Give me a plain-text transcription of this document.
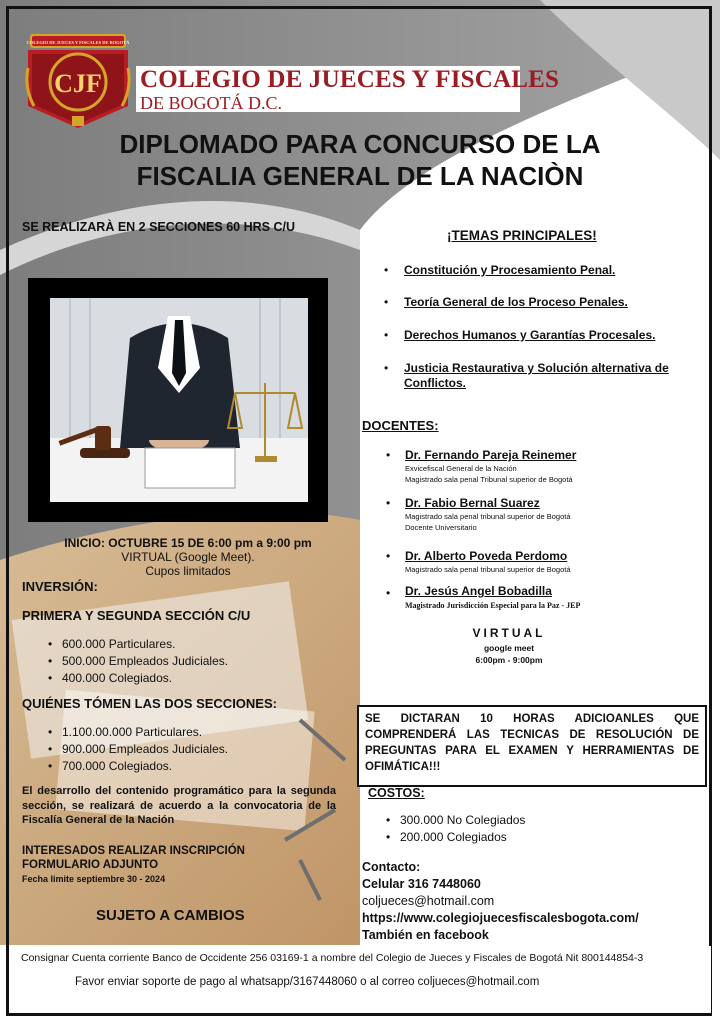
COLEGIO DE JUECES Y FISCALES DE BOGOTÁ
CJF COLEGIO DE JUECES Y FISCALES
DE BOGOTÁ D.C.
DIPLOMADO PARA CONCURSO DE LA
FISCALIA GENERAL DE LA NACIÒN
SE REALIZARÀ EN 2 SECCIONES 60 HRS C/U
INICIO: OCTUBRE 15 DE 6:00 pm a 9:00 pm
VIRTUAL (Google Meet).
Cupos limitados
INVERSIÓN:
PRIMERA Y SEGUNDA SECCIÓN C/U
• 600.000 Particulares.
• 500.000 Empleados Judiciales.
• 400.000 Colegiados.
QUIÉNES TÓMEN LAS DOS SECCIONES:
• 1.100.00.000 Particulares.
• 900.000 Empleados Judiciales.
• 700.000 Colegiados.
El desarrollo del contenido programático para la segunda sección, se realizará de acuerdo a la convocatoria de la Fiscalía General de la Nación
INTERESADOS REALIZAR INSCRIPCIÓN
FORMULARIO ADJUNTO
Fecha limite septiembre 30 - 2024
SUJETO A CAMBIOS
¡TEMAS PRINCIPALES!
• Constitución y Procesamiento Penal.
• Teoría General de los Proceso Penales.
• Derechos Humanos y Garantías Procesales.
• Justicia Restaurativa y Solución alternativa de Conflictos.
DOCENTES:
• Dr. Fernando Pareja Reinemer
Exvicefiscal General de la Nación
Magistrado sala penal Tribunal superior de Bogotá
• Dr. Fabio Bernal Suarez
Magistrado sala penal tribunal superior de Bogotá
Docente Universitario
• Dr. Alberto Poveda Perdomo
Magistrado sala penal tribunal superior de Bogotá
• Dr. Jesús Angel Bobadilla
Magistrado Jurisdicción Especial para la Paz - JEP
VIRTUAL
google meet
6:00pm - 9:00pm
SE DICTARAN 10 HORAS ADICIOANLES QUE COMPRENDERÁ LAS TECNICAS DE RESOLUCIÓN DE PREGUNTAS PARA EL EXAMEN Y HERRAMIENTAS DE OFIMÁTICA!!!
COSTOS:
• 300.000 No Colegiados
• 200.000 Colegiados
Contacto:
Celular 316 7448060
coljueces@hotmail.com
https://www.colegiojuecesfiscalesbogota.com/
También en facebook
Consignar Cuenta corriente Banco de Occidente 256 03169-1 a nombre del Colegio de Jueces y Fiscales de Bogotá Nit 800144854-3
Favor enviar soporte de pago al whatsapp/3167448060 o al correo coljueces@hotmail.com
